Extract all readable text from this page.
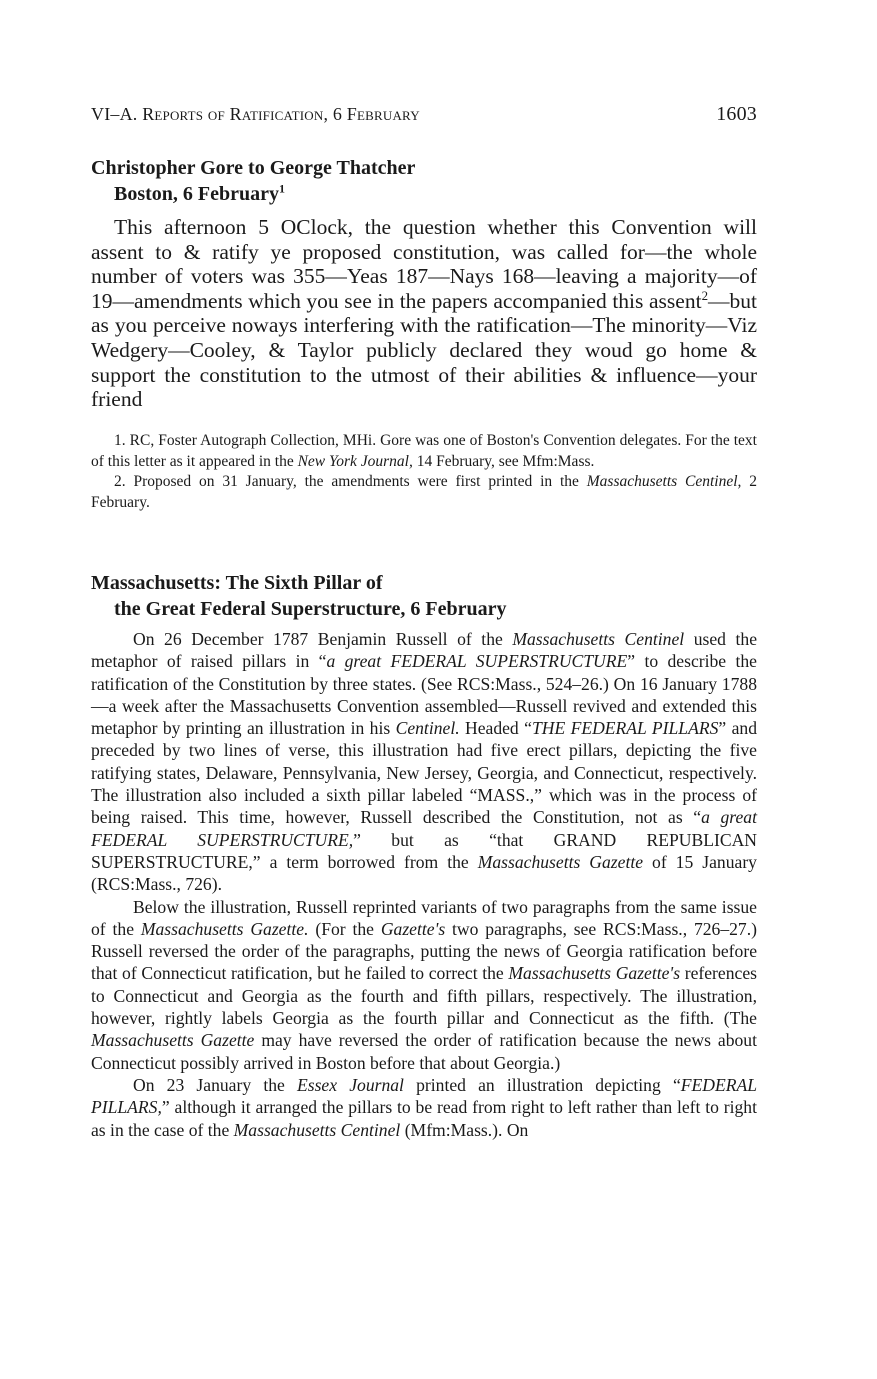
VI–A. Reports of Ratification, 6 February	1603
Christopher Gore to George Thatcher
Boston, 6 February$^1$

This afternoon 5 OClock, the question whether this Convention will assent to & ratify ye proposed constitution, was called for—the whole number of voters was 355—Yeas 187—Nays 168—leaving a majority—of 19—amendments which you see in the papers accompanied this assent$^2$—but as you perceive noways interfering with the ratification—The minority—Viz Wedgery—Cooley, & Taylor publicly declared they woud go home & support the constitution to the utmost of their abilities & influence—your friend

1. RC, Foster Autograph Collection, MHi. Gore was one of Boston's Convention delegates. For the text of this letter as it appeared in the New York Journal, 14 February, see Mfm:Mass.

2. Proposed on 31 January, the amendments were first printed in the Massachusetts Centinel, 2 February.

Massachusetts: The Sixth Pillar of
the Great Federal Superstructure, 6 February

On 26 December 1787 Benjamin Russell of the Massachusetts Centinel used the metaphor of raised pillars in “a great FEDERAL SUPERSTRUCTURE” to describe the ratification of the Constitution by three states. (See RCS:Mass., 524–26.) On 16 January 1788—a week after the Massachusetts Convention assembled—Russell revived and extended this metaphor by printing an illustration in his Centinel. Headed “THE FEDERAL PILLARS” and preceded by two lines of verse, this illustration had five erect pillars, depicting the five ratifying states, Delaware, Pennsylvania, New Jersey, Georgia, and Connecticut, respectively. The illustration also included a sixth pillar labeled “MASS.,” which was in the process of being raised. This time, however, Russell described the Constitution, not as “a great FEDERAL SUPERSTRUCTURE,” but as “that GRAND REPUBLICAN SUPERSTRUCTURE,” a term borrowed from the Massachusetts Gazette of 15 January (RCS:Mass., 726).

Below the illustration, Russell reprinted variants of two paragraphs from the same issue of the Massachusetts Gazette. (For the Gazette's two paragraphs, see RCS:Mass., 726–27.) Russell reversed the order of the paragraphs, putting the news of Georgia ratification before that of Connecticut ratification, but he failed to correct the Massachusetts Gazette's references to Connecticut and Georgia as the fourth and fifth pillars, respectively. The illustration, however, rightly labels Georgia as the fourth pillar and Connecticut as the fifth. (The Massachusetts Gazette may have reversed the order of ratification because the news about Connecticut possibly arrived in Boston before that about Georgia.)

On 23 January the Essex Journal printed an illustration depicting “FEDERAL PILLARS,” although it arranged the pillars to be read from right to left rather than left to right as in the case of the Massachusetts Centinel (Mfm:Mass.). On
